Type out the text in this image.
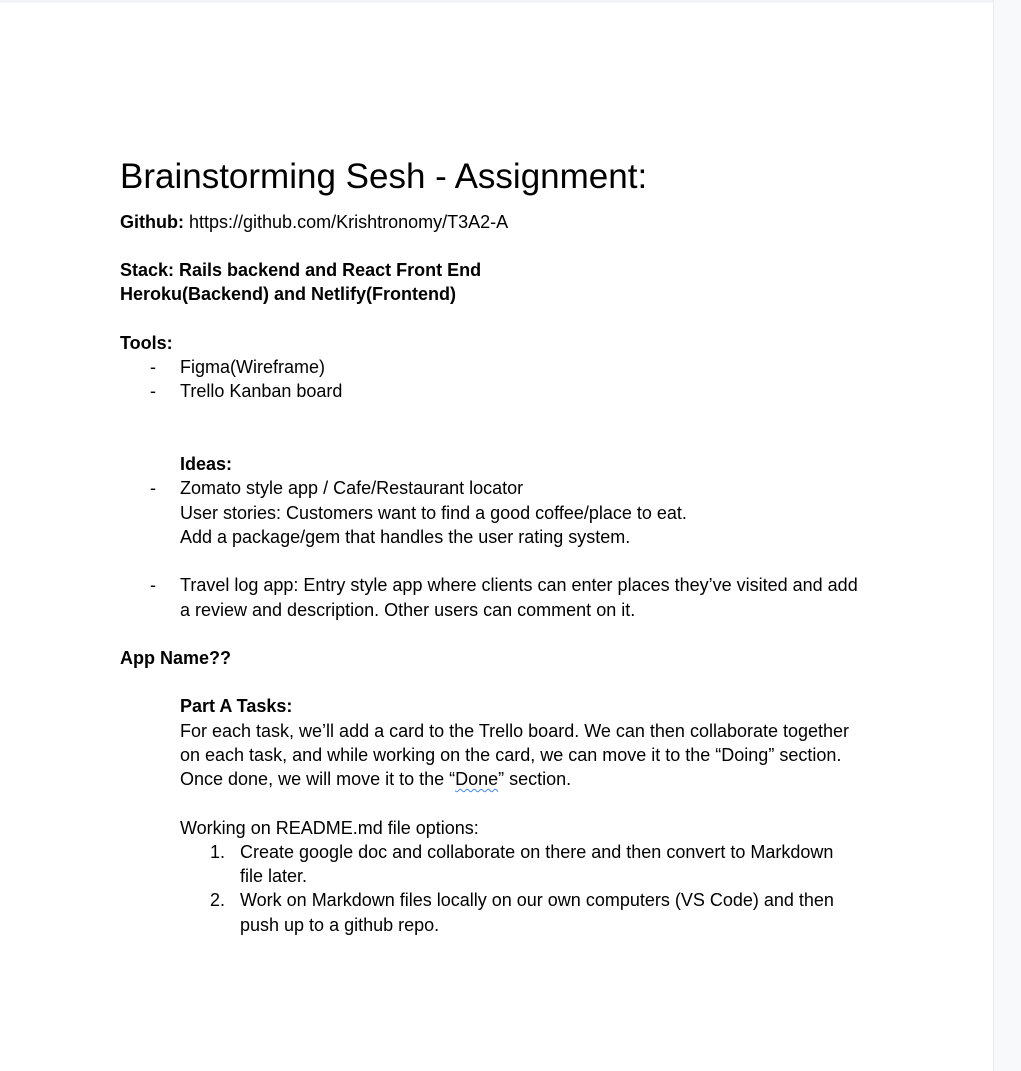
Brainstorming Sesh - Assignment:
Github: https://github.com/Krishtronomy/T3A2-A
Stack: Rails backend and React Front End
Heroku(Backend) and Netlify(Frontend)
Tools:
- Figma(Wireframe)
- Trello Kanban board
Ideas:
- Zomato style app / Cafe/Restaurant locator
User stories: Customers want to find a good coffee/place to eat.
Add a package/gem that handles the user rating system.
- Travel log app: Entry style app where clients can enter places they’ve visited and add
a review and description. Other users can comment on it.
App Name??
Part A Tasks:
For each task, we’ll add a card to the Trello board. We can then collaborate together
on each task, and while working on the card, we can move it to the “Doing” section.
Once done, we will move it to the “Done” section.
Working on README.md file options:
1. Create google doc and collaborate on there and then convert to Markdown
file later.
2. Work on Markdown files locally on our own computers (VS Code) and then
push up to a github repo.
